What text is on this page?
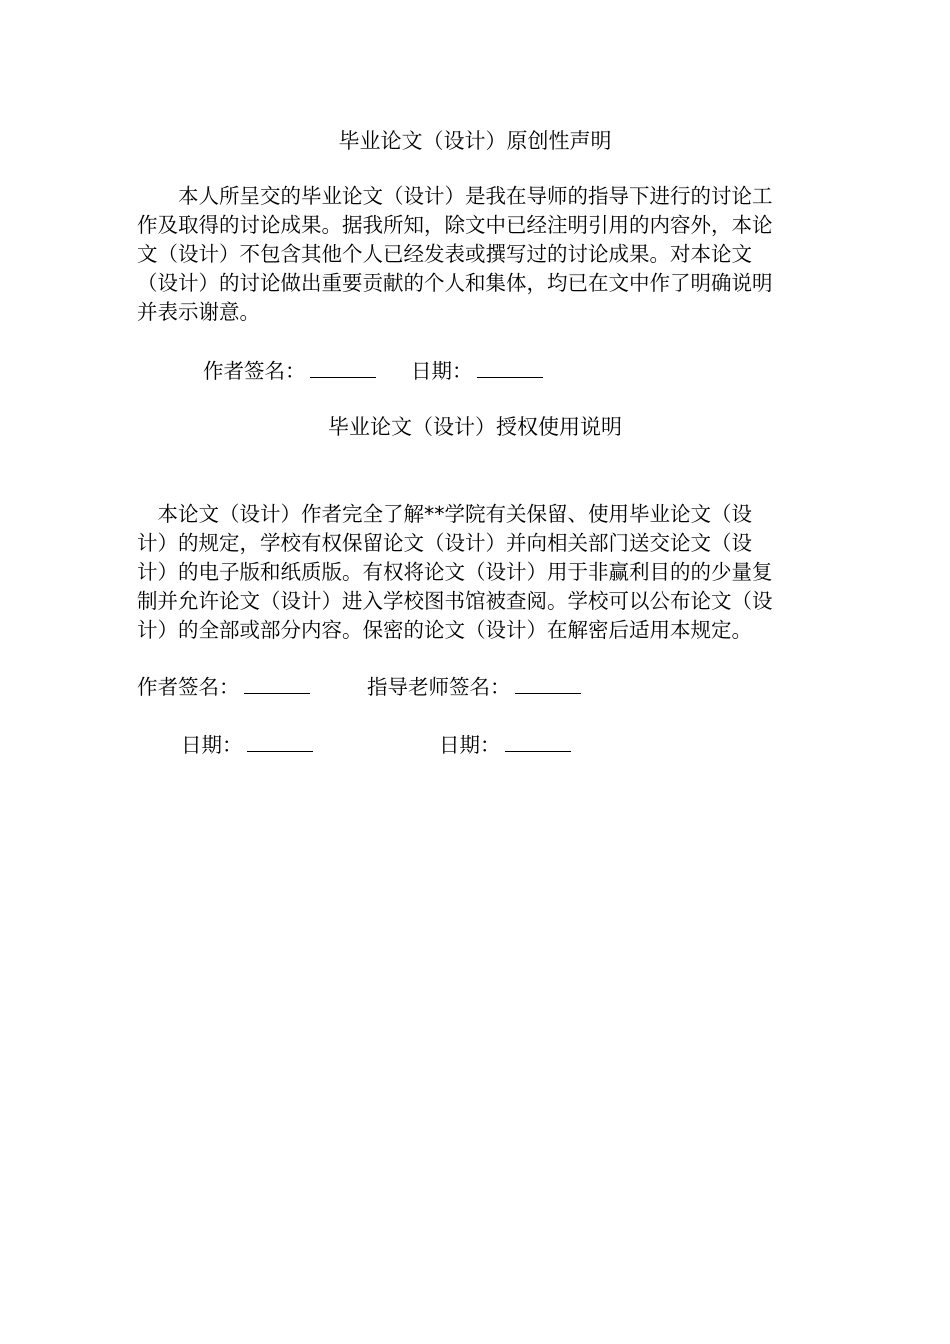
毕业论文（设计）原创性声明

　　本人所呈交的毕业论文（设计）是我在导师的指导下进行的讨论工
作及取得的讨论成果。据我所知，除文中已经注明引用的内容外，本论
文（设计）不包含其他个人已经发表或撰写过的讨论成果。对本论文
（设计）的讨论做出重要贡献的个人和集体，均已在文中作了明确说明
并表示谢意。

作者签名：	日期：
毕业论文（设计）授权使用说明

　本论文（设计）作者完全了解**学院有关保留、使用毕业论文（设
计）的规定，学校有权保留论文（设计）并向相关部门送交论文（设
计）的电子版和纸质版。有权将论文（设计）用于非赢利目的的少量复
制并允许论文（设计）进入学校图书馆被查阅。学校可以公布论文（设
计）的全部或部分内容。保密的论文（设计）在解密后适用本规定。

作者签名：	指导老师签名：
日期：	日期：
